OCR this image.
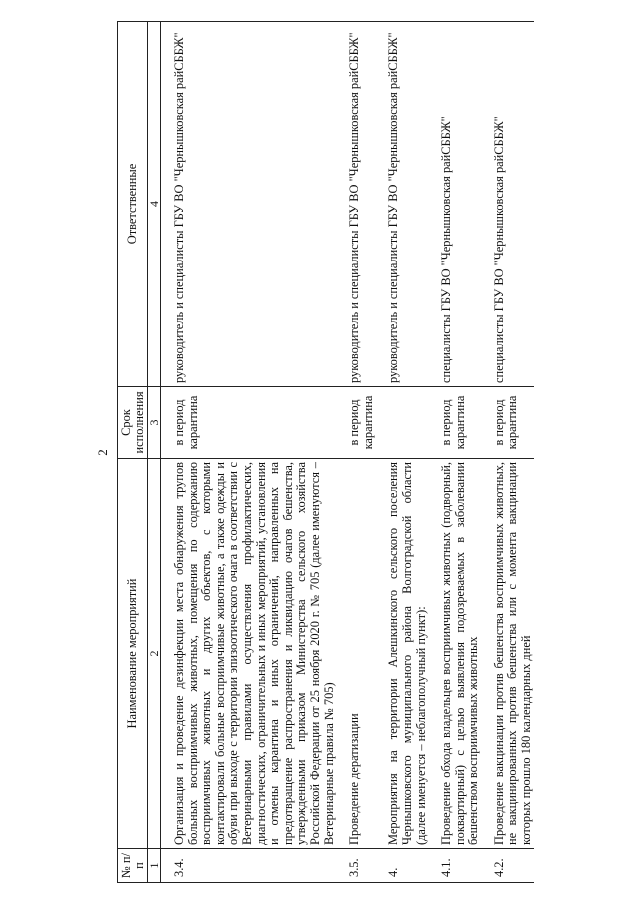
2
№ п/п	Наименование мероприятий	Срок исполнения	Ответственные
1	2	3	4
3.4.	Организация и проведение дезинфекции места обнаружения трупов больных восприимчивых животных, помещения по содержанию восприимчивых животных и других объектов, с которыми контактировали больные восприимчивые животные, а также одежды и обуви при выходе с территории эпизоотического очага в соответствии с Ветеринарными правилами осуществления профилактических, диагностических, ограничительных и иных мероприятий, установления и отмены карантина и иных ограничений, направленных на предотвращение распространения и ликвидацию очагов бешенства, утвержденными приказом Министерства сельского хозяйства Российской Федерации от 25 ноября 2020 г. № 705 (далее именуются – Ветеринарные правила № 705)	в период карантина	руководитель и специалисты ГБУ ВО "Чернышковская райСББЖ"
3.5.	Проведение дератизации	в период карантина	руководитель и специалисты ГБУ ВО "Чернышковская райСББЖ"
4.	Мероприятия на территории Алешкинского сельского поселения Чернышковского муниципального района Волгоградской области (далее именуется – неблагополучный пункт):		руководитель и специалисты ГБУ ВО "Чернышковская райСББЖ"
4.1.	Проведение обхода владельцев восприимчивых животных (подворный, поквартирный) с целью выявления подозреваемых в заболевании бешенством восприимчивых животных	в период карантина	специалисты ГБУ ВО "Чернышковская райСББЖ"
4.2.	Проведение вакцинации против бешенства восприимчивых животных, не вакцинированных против бешенства или с момента вакцинации которых прошло 180 календарных дней	в период карантина	специалисты ГБУ ВО "Чернышковская райСББЖ"
